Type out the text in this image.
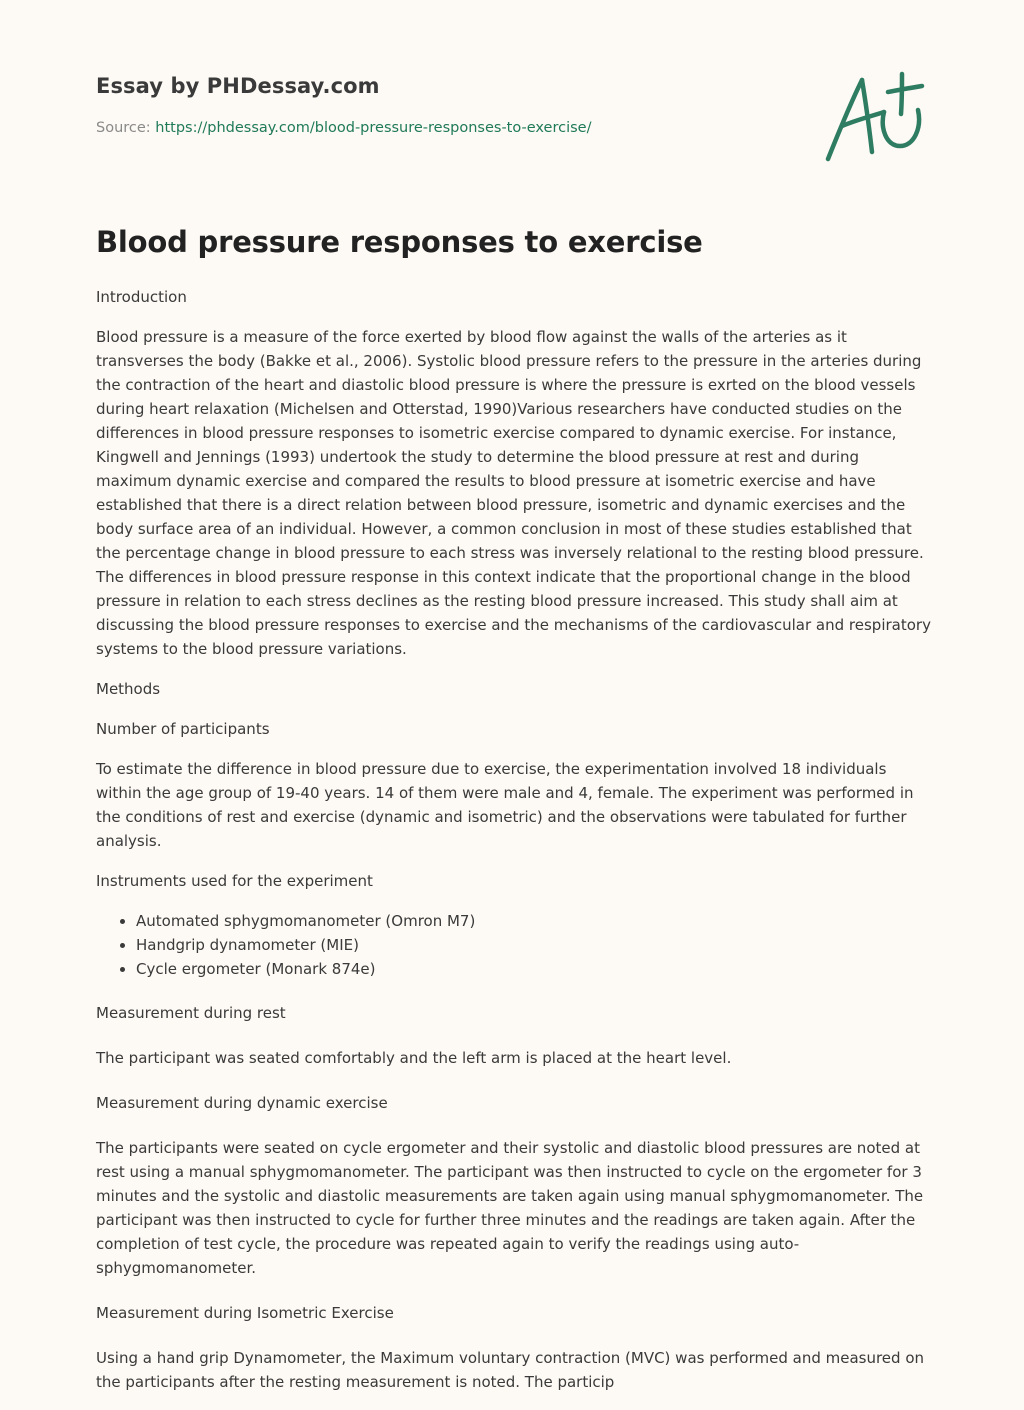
Essay by PHDessay.com
Source: https://phdessay.com/blood-pressure-responses-to-exercise/
Blood pressure responses to exercise

Introduction

Blood pressure is a measure of the force exerted by blood flow against the walls of the arteries as it transverses the body (Bakke et al., 2006). Systolic blood pressure refers to the pressure in the arteries during the contraction of the heart and diastolic blood pressure is where the pressure is exrted on the blood vessels during heart relaxation (Michelsen and Otterstad, 1990)Various researchers have conducted studies on the differences in blood pressure responses to isometric exercise compared to dynamic exercise. For instance, Kingwell and Jennings (1993) undertook the study to determine the blood pressure at rest and during maximum dynamic exercise and compared the results to blood pressure at isometric exercise and have established that there is a direct relation between blood pressure, isometric and dynamic exercises and the body surface area of an individual. However, a common conclusion in most of these studies established that the percentage change in blood pressure to each stress was inversely relational to the resting blood pressure. The differences in blood pressure response in this context indicate that the proportional change in the blood pressure in relation to each stress declines as the resting blood pressure increased. This study shall aim at discussing the blood pressure responses to exercise and the mechanisms of the cardiovascular and respiratory systems to the blood pressure variations.

Methods

Number of participants

To estimate the difference in blood pressure due to exercise, the experimentation involved 18 individuals within the age group of 19-40 years. 14 of them were male and 4, female. The experiment was performed in the conditions of rest and exercise (dynamic and isometric) and the observations were tabulated for further analysis.

Instruments used for the experiment

• Automated sphygmomanometer (Omron M7)
• Handgrip dynamometer (MIE)
• Cycle ergometer (Monark 874e)

Measurement during rest

The participant was seated comfortably and the left arm is placed at the heart level.

Measurement during dynamic exercise

The participants were seated on cycle ergometer and their systolic and diastolic blood pressures are noted at rest using a manual sphygmomanometer. The participant was then instructed to cycle on the ergometer for 3 minutes and the systolic and diastolic measurements are taken again using manual sphygmomanometer. The participant was then instructed to cycle for further three minutes and the readings are taken again. After the completion of test cycle, the procedure was repeated again to verify the readings using auto-sphygmomanometer.

Measurement during Isometric Exercise

Using a hand grip Dynamometer, the Maximum voluntary contraction (MVC) was performed and measured on the participants after the resting measurement is noted. The particip
